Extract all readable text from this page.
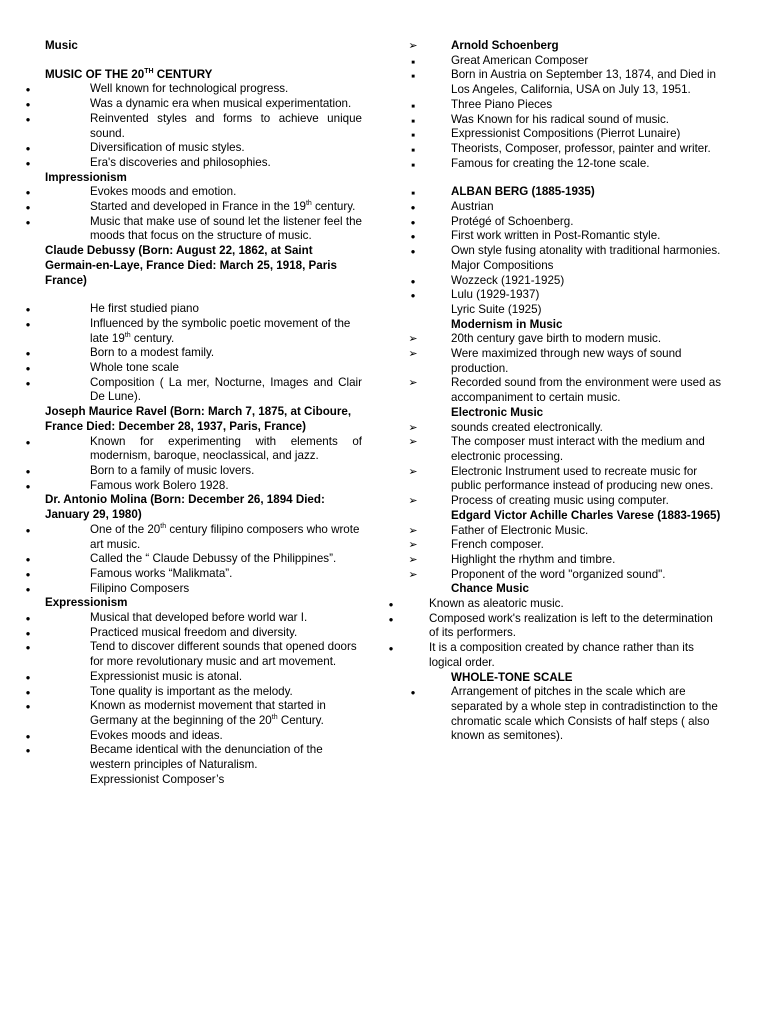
Music

MUSIC OF THE 20TH CENTURY

●
Well known for technological progress.
●
Was a dynamic era when musical experimentation.
●
Reinvented styles and forms to achieve unique sound.
●
Diversification of music styles.
●
Era's discoveries and philosophies.

Impressionism

●
Evokes moods and emotion.
●
Started and developed in France in the 19th century.
●
Music that make use of sound let the listener feel the moods that focus on the structure of music.

Claude Debussy (Born: August 22, 1862, at Saint Germain-en-Laye, France Died: March 25, 1918, Paris France)

●
He first studied piano
●
Influenced by the symbolic poetic movement of the late 19th century.
●
Born to a modest family.
●
Whole tone scale
●
Composition ( La mer, Nocturne, Images and Clair De Lune).

Joseph Maurice Ravel (Born: March 7, 1875, at Ciboure, France Died: December 28, 1937, Paris, France)

●
Known for experimenting with elements of modernism, baroque, neoclassical, and jazz.
●
Born to a family of music lovers.
●
Famous work Bolero 1928.

Dr. Antonio Molina (Born: December 26, 1894 Died: January 29, 1980)

●
One of the 20th century filipino composers who wrote art music.
●
Called the “ Claude Debussy of the Philippines”.
●
Famous works “Malikmata”.
●
Filipino Composers

Expressionism

●
Musical that developed before world war I.
●
Practiced musical freedom and diversity.
●
Tend to discover different sounds that opened doors for more revolutionary music and art movement.
●
Expressionist music is atonal.
●
Tone quality is important as the melody.
●
Known as modernist movement that started in Germany at the beginning of the 20th Century.
●
Evokes moods and ideas.
●
Became identical with the denunciation of the western principles of Naturalism.

Expressionist Composer’s

➢
Arnold Schoenberg
■
Great American Composer
■
Born in Austria on September 13, 1874, and Died in Los Angeles, California, USA on July 13, 1951.
■
Three Piano Pieces
■
Was Known for his radical sound of music.
■
Expressionist Compositions (Pierrot Lunaire)
■
Theorists, Composer, professor, painter and writer.
■
Famous for creating the 12-tone scale.
■
ALBAN BERG (1885-1935)
●
Austrian
●
Protégé of Schoenberg.
●
First work written in Post-Romantic style.
●
Own style fusing atonality with traditional harmonies.

Major Compositions

●
Wozzeck (1921-1925)
●
Lulu (1929-1937)

Lyric Suite (1925)

Modernism in Music

➢
20th century gave birth to modern music.
➢
Were maximized through new ways of sound production.
➢
Recorded sound from the environment were used as accompaniment to certain music.

Electronic Music

➢
sounds created electronically.
➢
The composer must interact with the medium and electronic processing.
➢
Electronic Instrument used to recreate music for public performance instead of producing new ones.
➢
Process of creating music using computer.

Edgard Victor Achille Charles Varese (1883-1965)

➢
Father of Electronic Music.
➢
French composer.
➢
Highlight the rhythm and timbre.
➢
Proponent of the word "organized sound".

Chance Music

●
Known as aleatoric music.
●
Composed work's realization is left to the determination of its performers.
●
It is a composition created by chance rather than its logical order.

WHOLE-TONE SCALE

●
Arrangement of pitches in the scale which are separated by a whole step in contradistinction to the chromatic scale which Consists of half steps ( also known as semitones).
